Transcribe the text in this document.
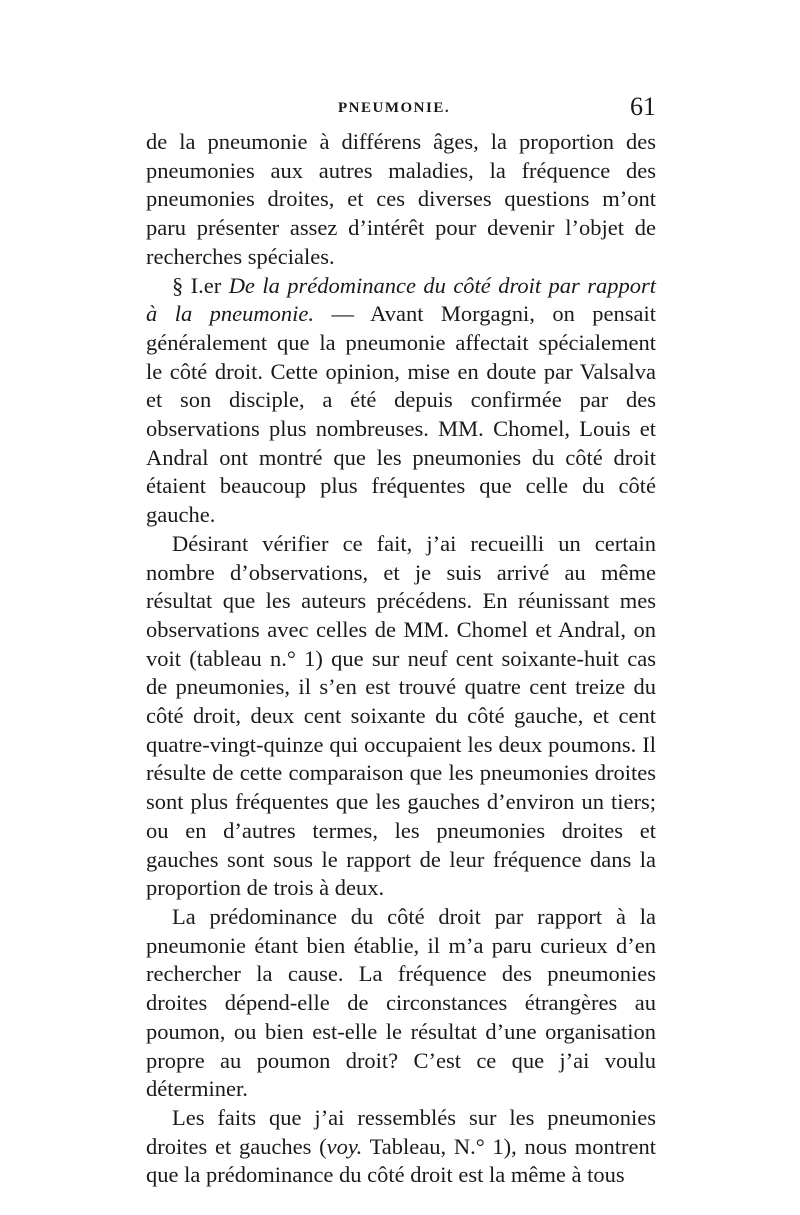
PNEUMONIE.	61

de la pneumonie à différens âges, la proportion des pneumonies aux autres maladies, la fréquence des pneumonies droites, et ces diverses questions m’ont paru présenter assez d’intérêt pour devenir l’objet de recherches spéciales.

§ I.er De la prédominance du côté droit par rapport à la pneumonie. — Avant Morgagni, on pensait généralement que la pneumonie affectait spécialement le côté droit. Cette opinion, mise en doute par Valsalva et son disciple, a été depuis confirmée par des observations plus nombreuses. MM. Chomel, Louis et Andral ont montré que les pneumonies du côté droit étaient beaucoup plus fréquentes que celle du côté gauche.

Désirant vérifier ce fait, j’ai recueilli un certain nombre d’observations, et je suis arrivé au même résultat que les auteurs précédens. En réunissant mes observations avec celles de MM. Chomel et Andral, on voit (tableau n.° 1) que sur neuf cent soixante-huit cas de pneumonies, il s’en est trouvé quatre cent treize du côté droit, deux cent soixante du côté gauche, et cent quatre-vingt-quinze qui occupaient les deux poumons. Il résulte de cette comparaison que les pneumonies droites sont plus fréquentes que les gauches d’environ un tiers; ou en d’autres termes, les pneumonies droites et gauches sont sous le rapport de leur fréquence dans la proportion de trois à deux.

La prédominance du côté droit par rapport à la pneumonie étant bien établie, il m’a paru curieux d’en rechercher la cause. La fréquence des pneumonies droites dépend-elle de circonstances étrangères au poumon, ou bien est-elle le résultat d’une organisation propre au poumon droit? C’est ce que j’ai voulu déterminer.

Les faits que j’ai ressemblés sur les pneumonies droites et gauches (voy. Tableau, N.° 1), nous montrent que la prédominance du côté droit est la même à tous
